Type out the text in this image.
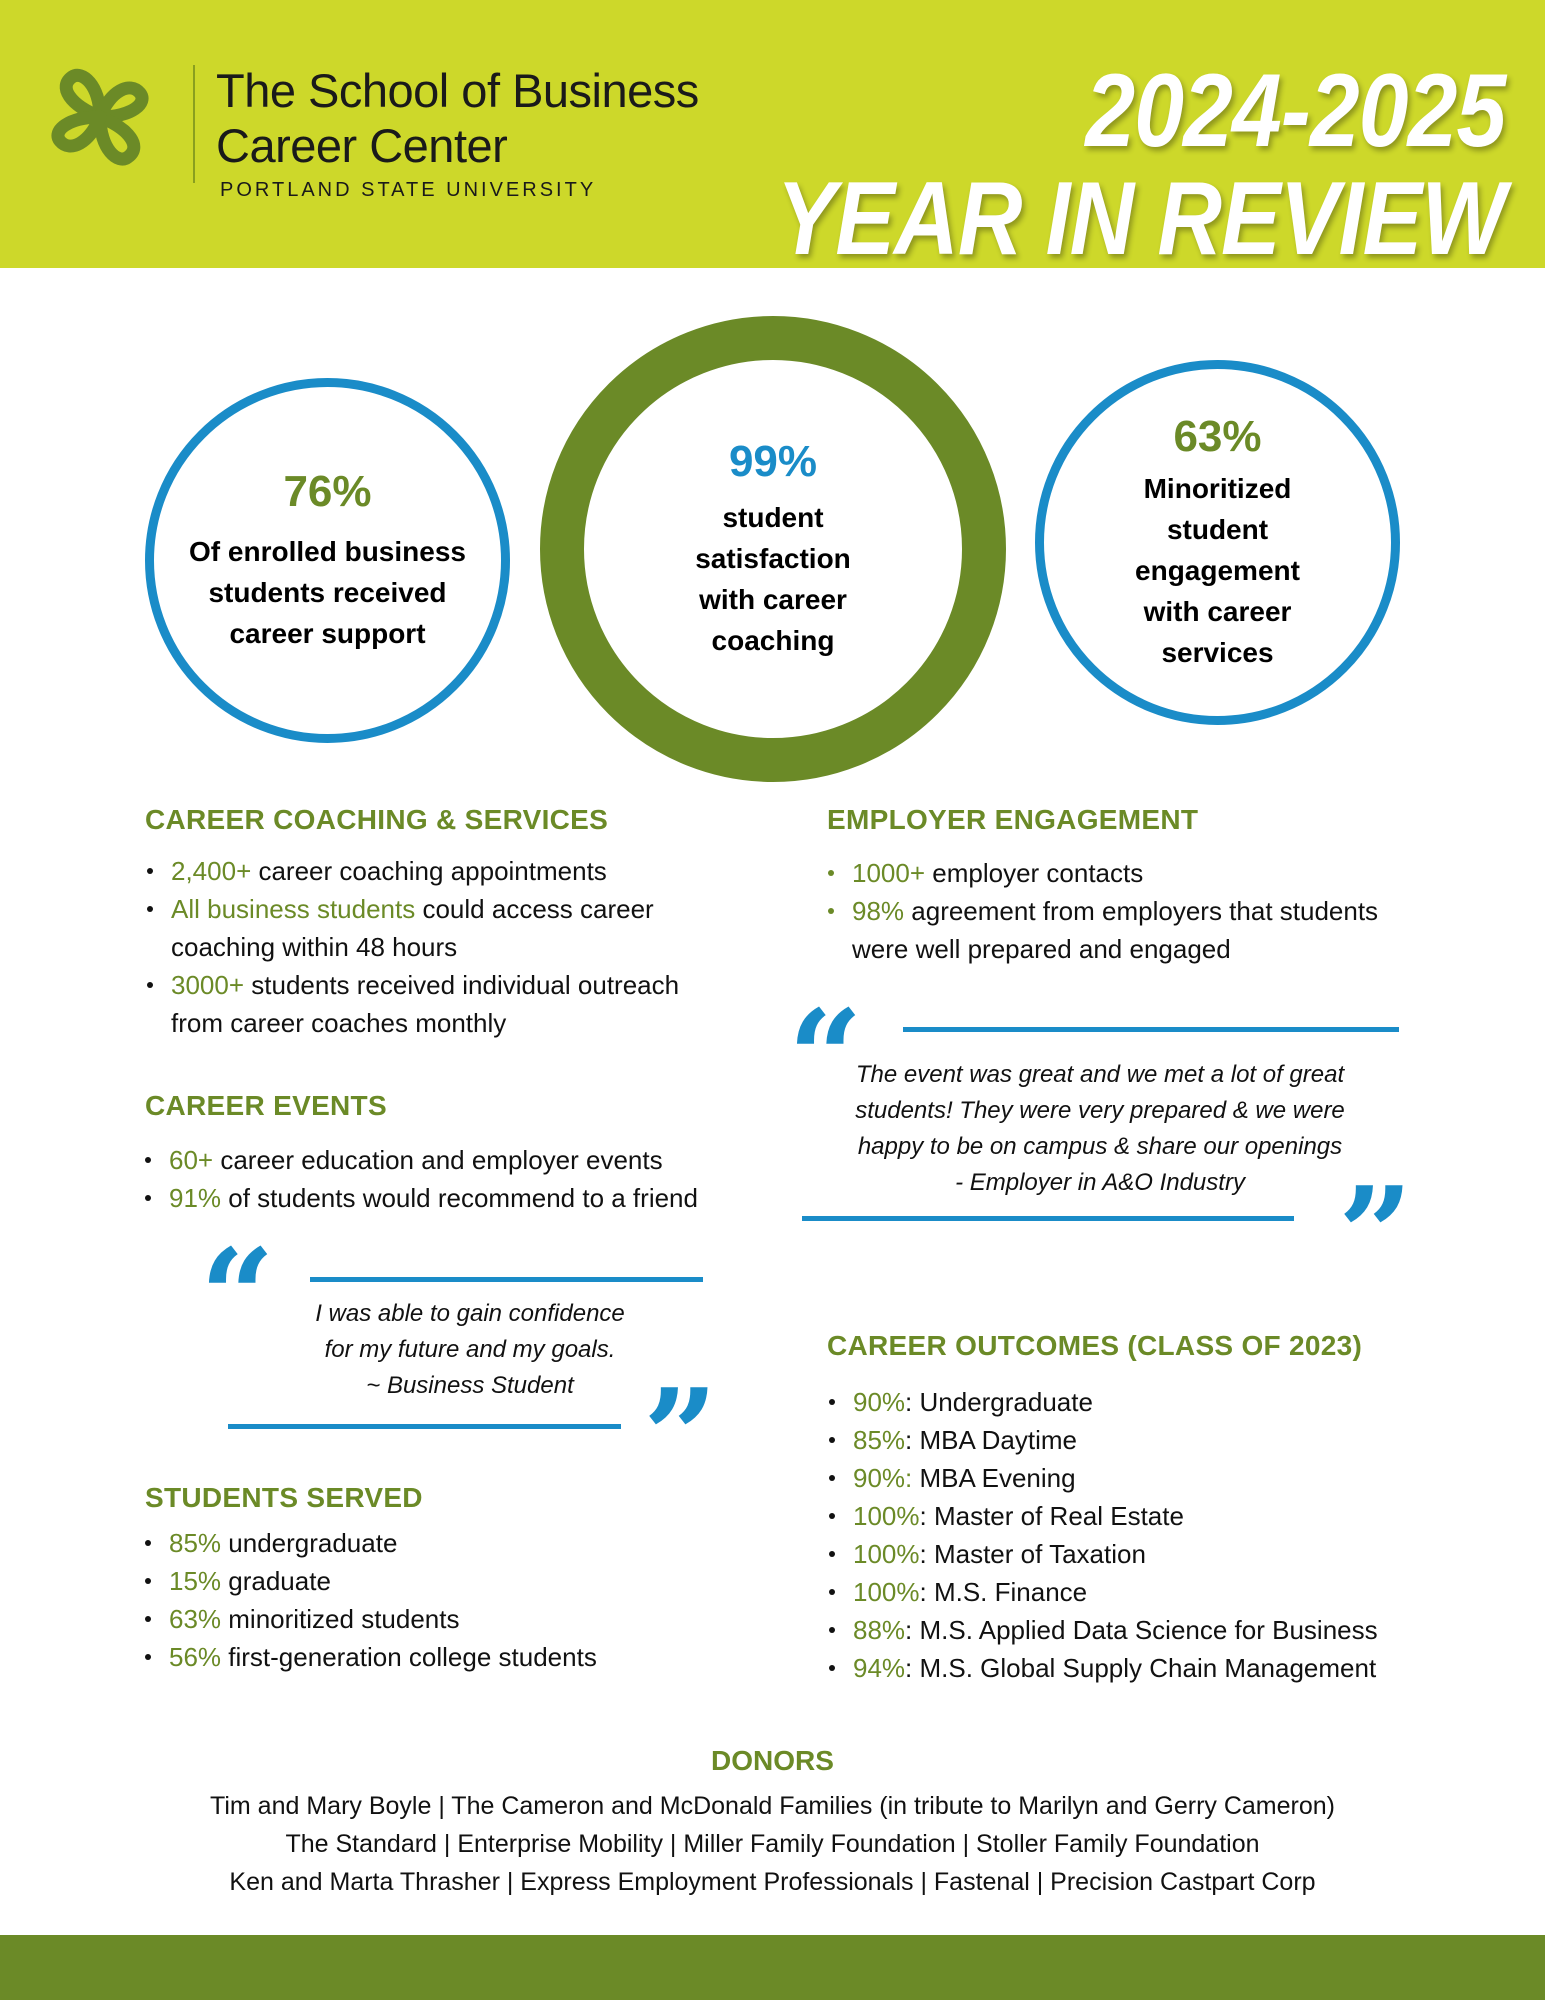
The School of Business
Career Center
PORTLAND STATE UNIVERSITY
2024-2025
YEAR IN REVIEW
76%
Of enrolled business
students received
career support
99%
student
satisfaction
with career
coaching
63%
Minoritized
student
engagement
with career
services
CAREER COACHING & SERVICES
2,400+ career coaching appointments
All business students could access career
coaching within 48 hours
3000+ students received individual outreach
from career coaches monthly
CAREER EVENTS
60+ career education and employer events
91% of students would recommend to a friend
“	I was able to gain confidence
for my future and my goals.
~ Business Student ”
STUDENTS SERVED
85% undergraduate
15% graduate
63% minoritized students
56% first-generation college students
EMPLOYER ENGAGEMENT
1000+ employer contacts
98% agreement from employers that students
were well prepared and engaged
“
The event was great and we met a lot of great
students! They were very prepared & we were
happy to be on campus & share our openings
- Employer in A&O Industry ”
CAREER OUTCOMES (CLASS OF 2023)
90%: Undergraduate
85%: MBA Daytime
90%: MBA Evening
100%: Master of Real Estate
100%: Master of Taxation
100%: M.S. Finance
88%: M.S. Applied Data Science for Business
94%: M.S. Global Supply Chain Management
DONORS
Tim and Mary Boyle | The Cameron and McDonald Families (in tribute to Marilyn and Gerry Cameron)
The Standard | Enterprise Mobility | Miller Family Foundation | Stoller Family Foundation
Ken and Marta Thrasher | Express Employment Professionals | Fastenal | Precision Castpart Corp
